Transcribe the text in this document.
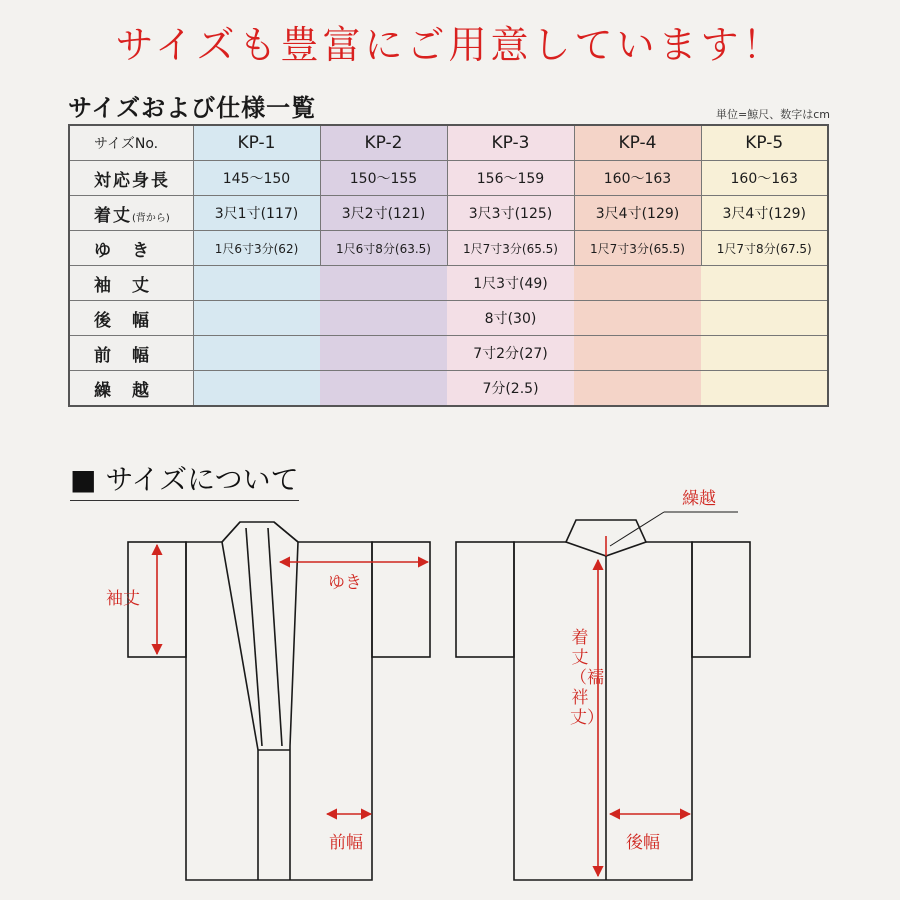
サイズも豊富にご用意しています！
サイズおよび仕様一覧	単位=鯨尺、数字はcm
サイズNo.	KP-1	KP-2	KP-3	KP-4	KP-5
対応身長	145〜150	150〜155	156〜159	160〜163	160〜163
着丈(背から)	3尺1寸(117)	3尺2寸(121)	3尺3寸(125)	3尺4寸(129)	3尺4寸(129)
ゆ　き	1尺6寸3分(62)	1尺6寸8分(63.5)	1尺7寸3分(65.5)	1尺7寸3分(65.5)	1尺7寸8分(67.5)
袖　丈			1尺3寸(49)		
後　幅			8寸(30)		
前　幅			7寸2分(27)		
繰　越			7分(2.5)		
■ サイズについて
袖丈
ゆき
前幅
繰越
後幅
着丈（襦袢丈）
